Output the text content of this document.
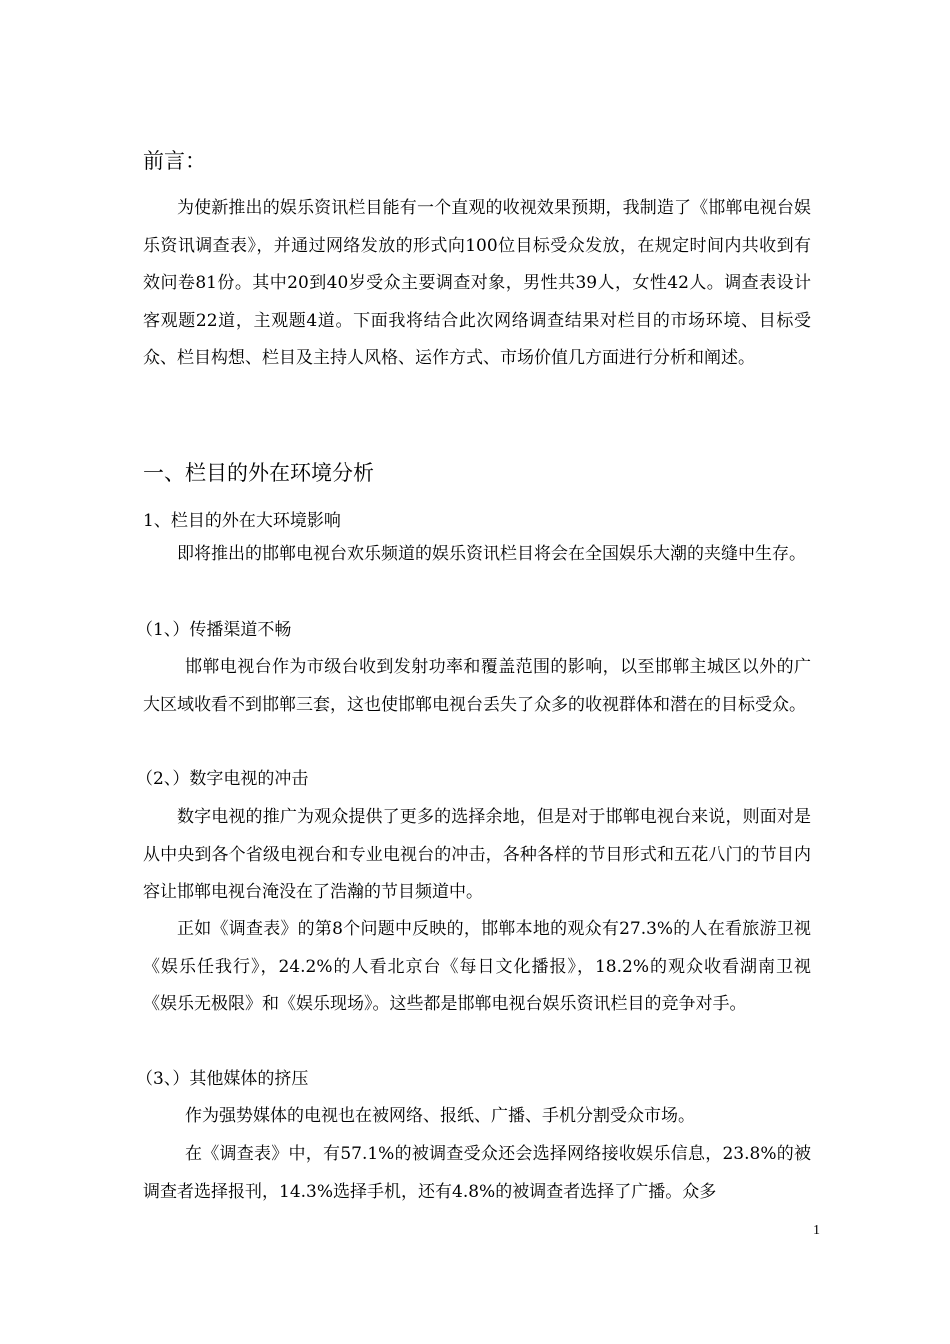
前言：

为使新推出的娱乐资讯栏目能有一个直观的收视效果预期，我制造了《邯郸电视台娱乐资讯调查表》，并通过网络发放的形式向100位目标受众发放，在规定时间内共收到有效问卷81份。其中20到40岁受众主要调查对象，男性共39人，女性42人。调查表设计客观题22道，主观题4道。下面我将结合此次网络调查结果对栏目的市场环境、目标受众、栏目构想、栏目及主持人风格、运作方式、市场价值几方面进行分析和阐述。

一、栏目的外在环境分析
1、栏目的外在大环境影响

即将推出的邯郸电视台欢乐频道的娱乐资讯栏目将会在全国娱乐大潮的夹缝中生存。

（1、）传播渠道不畅

邯郸电视台作为市级台收到发射功率和覆盖范围的影响，以至邯郸主城区以外的广大区域收看不到邯郸三套，这也使邯郸电视台丢失了众多的收视群体和潜在的目标受众。

（2、）数字电视的冲击

数字电视的推广为观众提供了更多的选择余地，但是对于邯郸电视台来说，则面对是从中央到各个省级电视台和专业电视台的冲击，各种各样的节目形式和五花八门的节目内容让邯郸电视台淹没在了浩瀚的节目频道中。

正如《调查表》的第8个问题中反映的，邯郸本地的观众有27.3%的人在看旅游卫视《娱乐任我行》，24.2%的人看北京台《每日文化播报》，18.2%的观众收看湖南卫视《娱乐无极限》和《娱乐现场》。这些都是邯郸电视台娱乐资讯栏目的竞争对手。

（3、）其他媒体的挤压

作为强势媒体的电视也在被网络、报纸、广播、手机分割受众市场。

在《调查表》中，有57.1%的被调查受众还会选择网络接收娱乐信息，23.8%的被调查者选择报刊，14.3%选择手机，还有4.8%的被调查者选择了广播。众多

1
